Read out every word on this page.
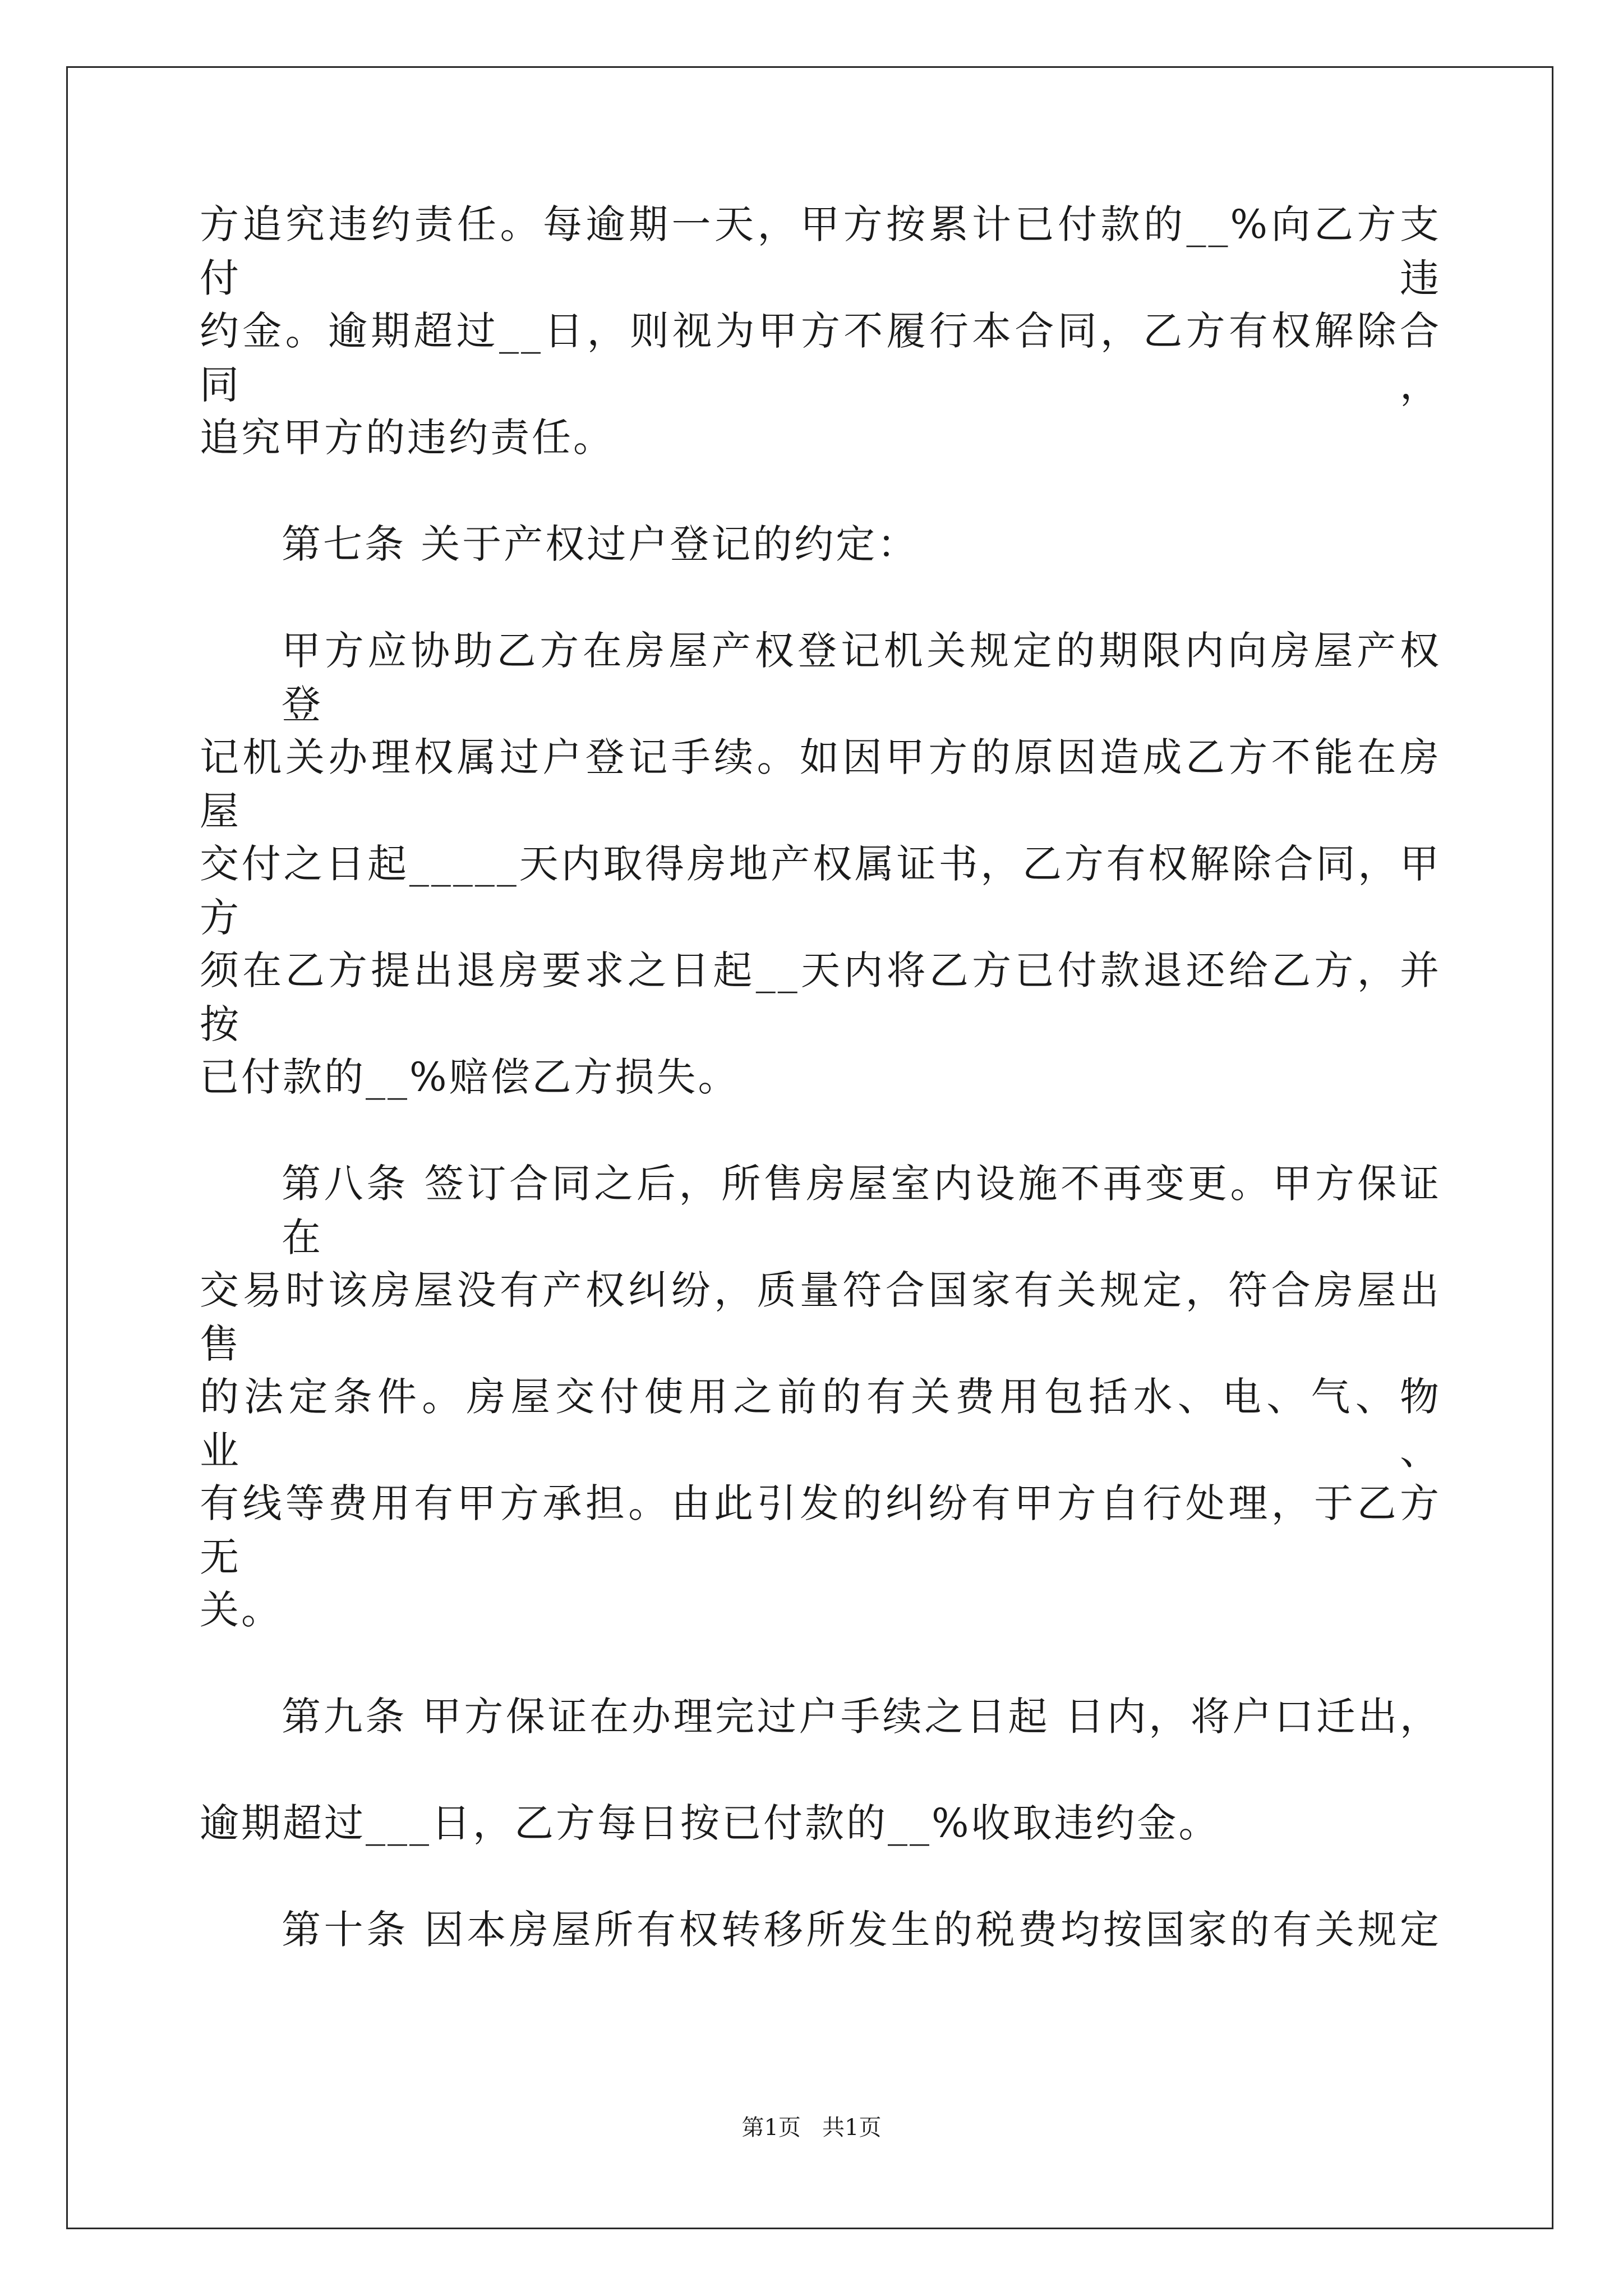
方追究违约责任。每逾期一天，甲方按累计已付款的__%向乙方支付违
约金。逾期超过__日，则视为甲方不履行本合同，乙方有权解除合同，
追究甲方的违约责任。
第七条 关于产权过户登记的约定：
甲方应协助乙方在房屋产权登记机关规定的期限内向房屋产权登
记机关办理权属过户登记手续。如因甲方的原因造成乙方不能在房屋
交付之日起_____天内取得房地产权属证书，乙方有权解除合同，甲方
须在乙方提出退房要求之日起__天内将乙方已付款退还给乙方，并按
已付款的__%赔偿乙方损失。
第八条 签订合同之后，所售房屋室内设施不再变更。甲方保证在
交易时该房屋没有产权纠纷，质量符合国家有关规定，符合房屋出售
的法定条件。房屋交付使用之前的有关费用包括水、电、气、物业、
有线等费用有甲方承担。由此引发的纠纷有甲方自行处理，于乙方无
关。
第九条 甲方保证在办理完过户手续之日起 日内，将户口迁出，
逾期超过___日，乙方每日按已付款的__%收取违约金。
第十条 因本房屋所有权转移所发生的税费均按国家的有关规定
第1页   共1页
